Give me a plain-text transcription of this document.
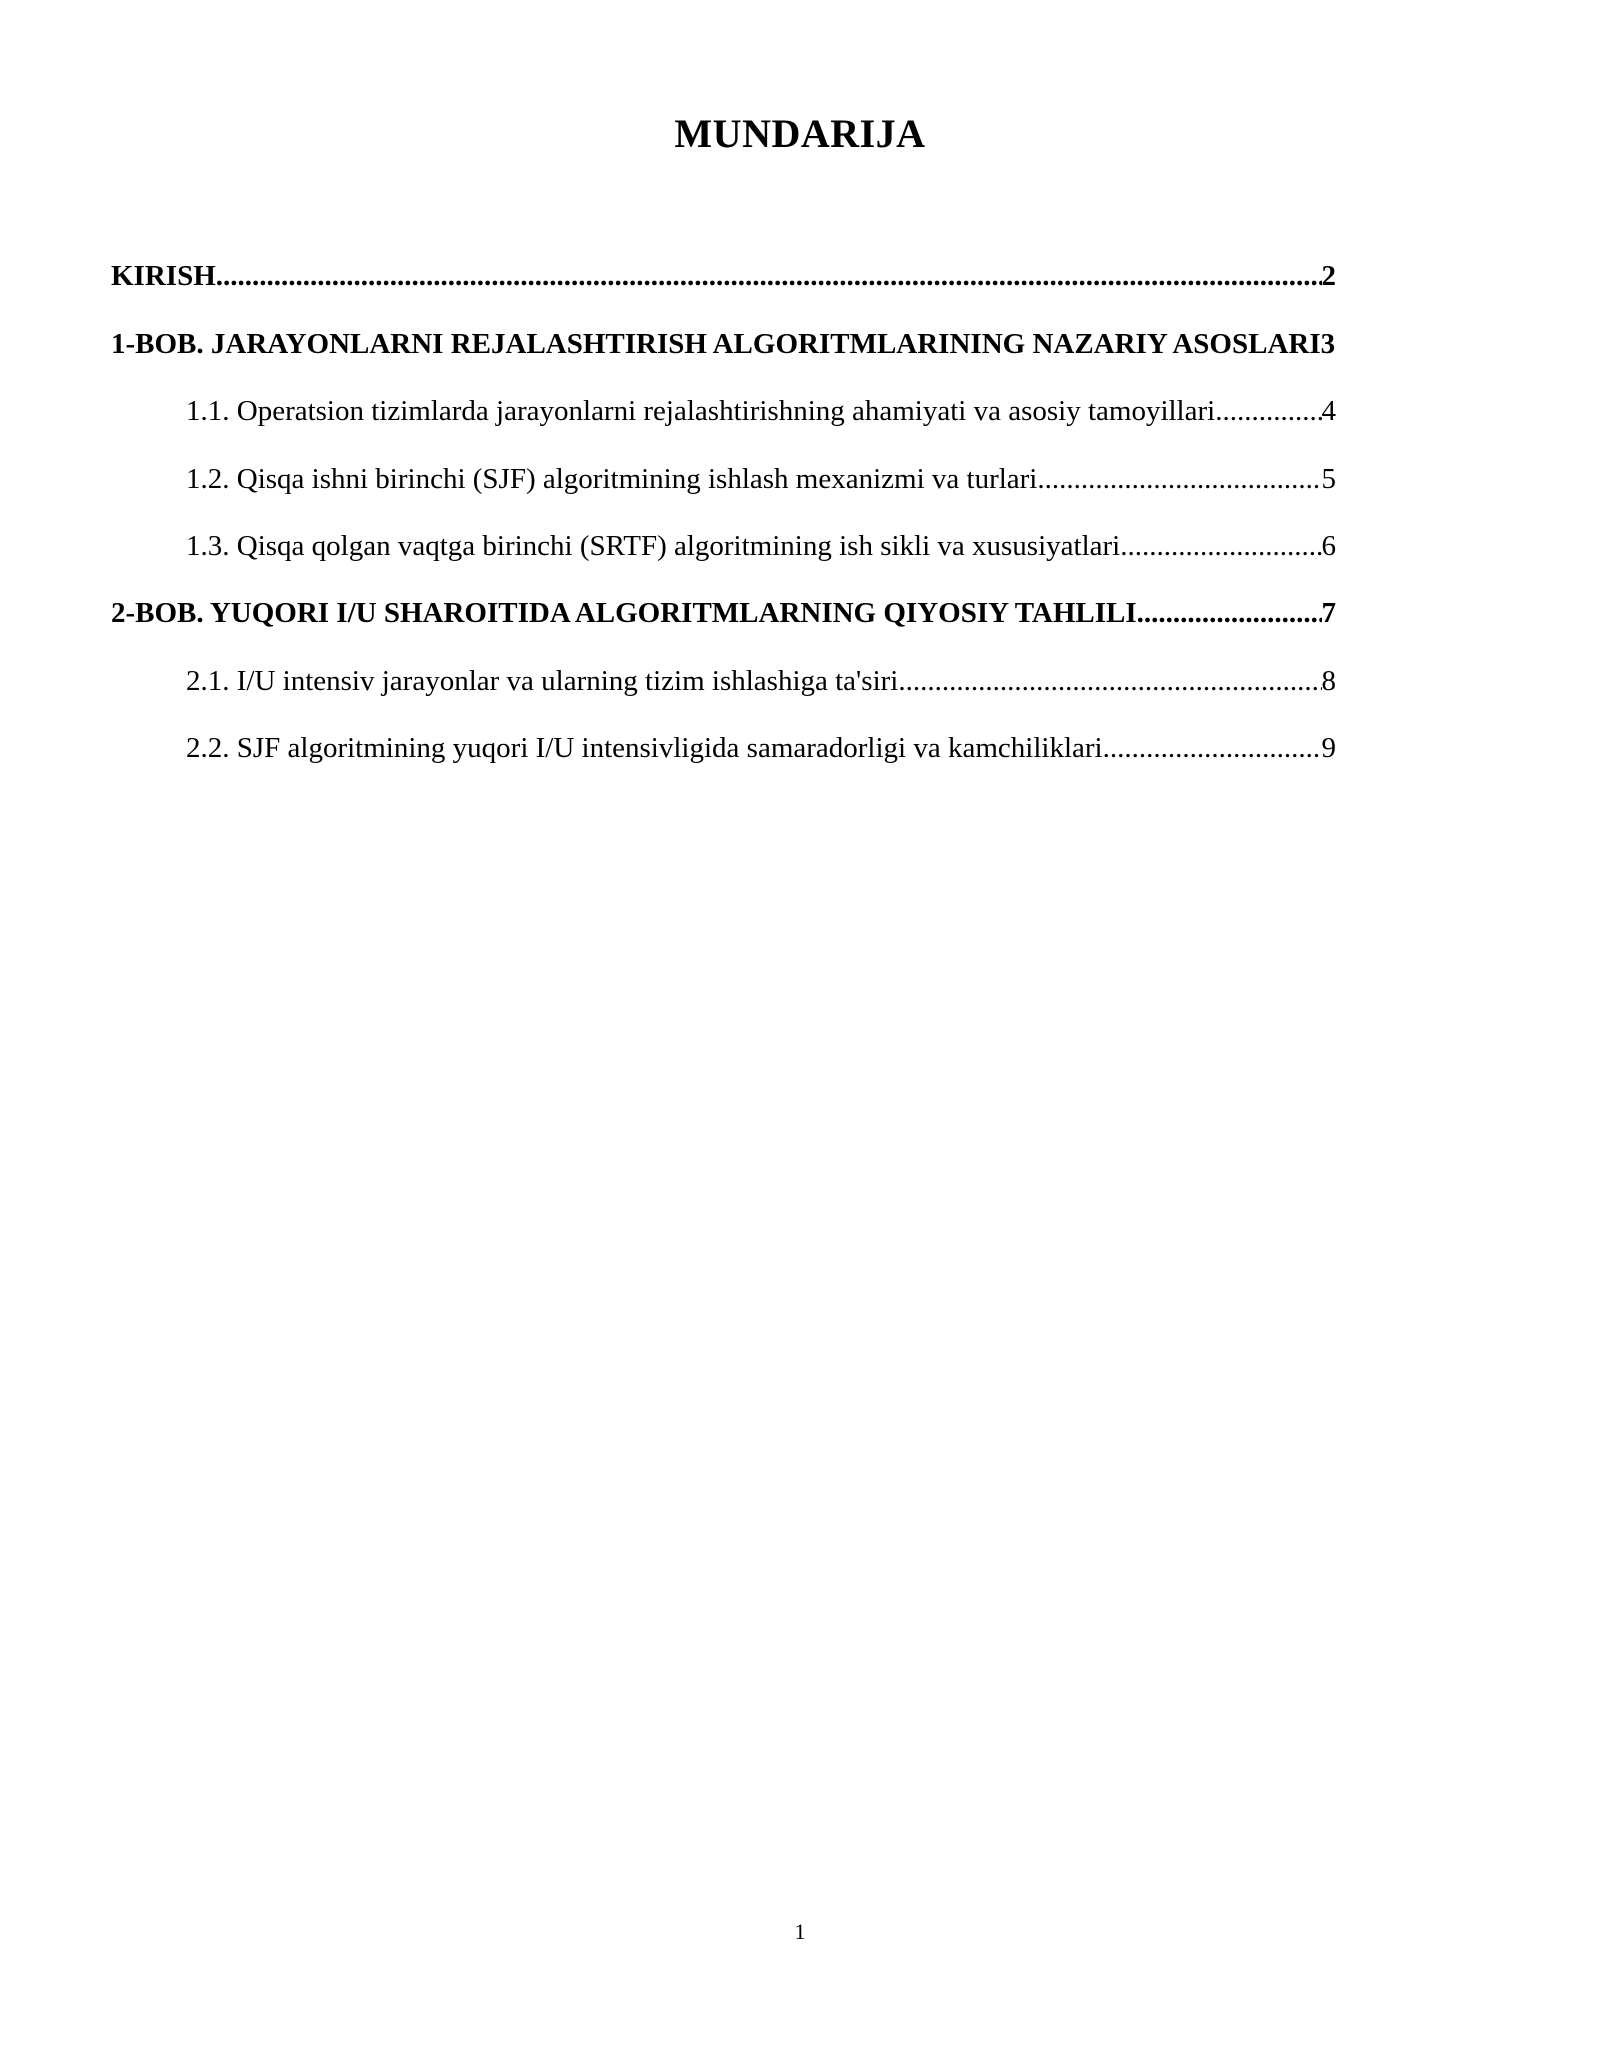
MUNDARIJA
KIRISH .....	2
1-BOB. JARAYONLARNI REJALASHTIRISH ALGORITMLARINING NAZARIY ASOSLARI 3
1.1. Operatsion tizimlarda jarayonlarni rejalashtirishning ahamiyati va asosiy tamoyillari. .....	4
1.2. Qisqa ishni birinchi (SJF) algoritmining ishlash mexanizmi va turlari .....	5
1.3. Qisqa qolgan vaqtga birinchi (SRTF) algoritmining ish sikli va xususiyatlari .....	6
2-BOB. YUQORI I/U SHAROITIDA ALGORITMLARNING QIYOSIY TAHLILI .....	7
2.1. I/U intensiv jarayonlar va ularning tizim ishlashiga ta'siri .....	8
2.2. SJF algoritmining yuqori I/U intensivligida samaradorligi va kamchiliklari .....	9
1
